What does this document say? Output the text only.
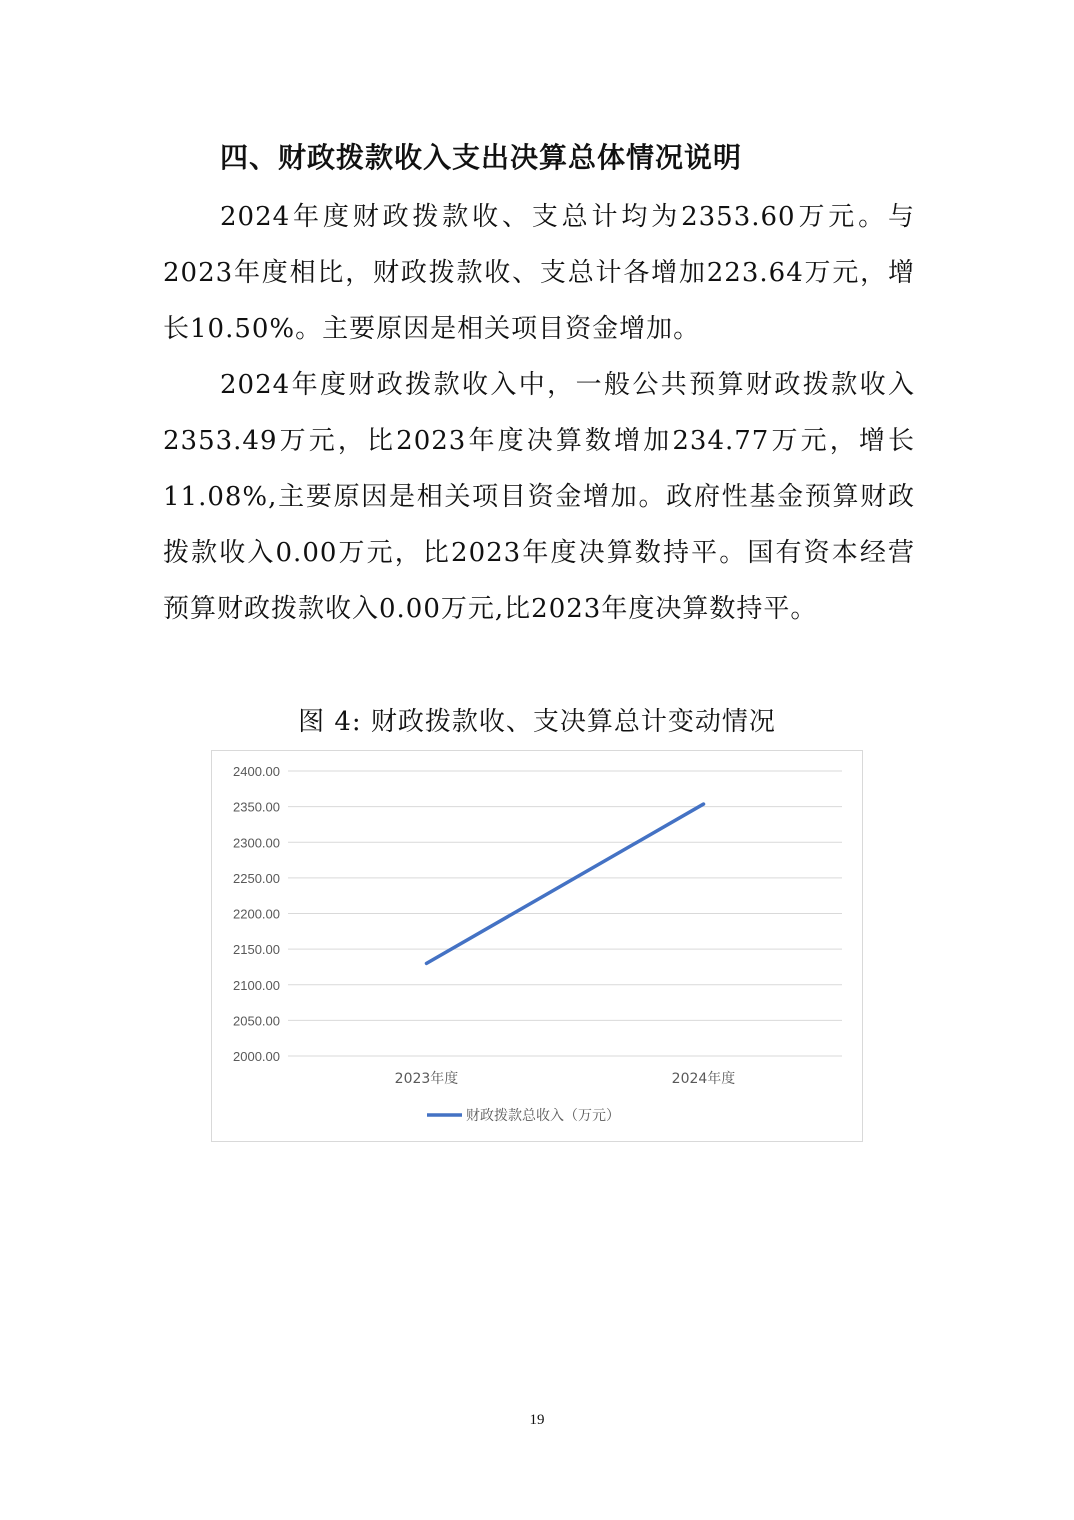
四、财政拨款收入支出决算总体情况说明

2024年度财政拨款收、支总计均为2353.60万元。与2023年度相比，财政拨款收、支总计各增加223.64万元，增长10.50%。主要原因是相关项目资金增加。

2024年度财政拨款收入中，一般公共预算财政拨款收入2353.49万元，比2023年度决算数增加234.77万元，增长11.08%,主要原因是相关项目资金增加。政府性基金预算财政拨款收入0.00万元，比2023年度决算数持平。国有资本经营预算财政拨款收入0.00万元,比2023年度决算数持平。

图 4: 财政拨款收、支决算总计变动情况

2000.00
2050.00
2100.00
2150.00
2200.00
2250.00
2300.00
2350.00
2400.00
2023年度	2024年度
财政拨款总收入（万元）

19
